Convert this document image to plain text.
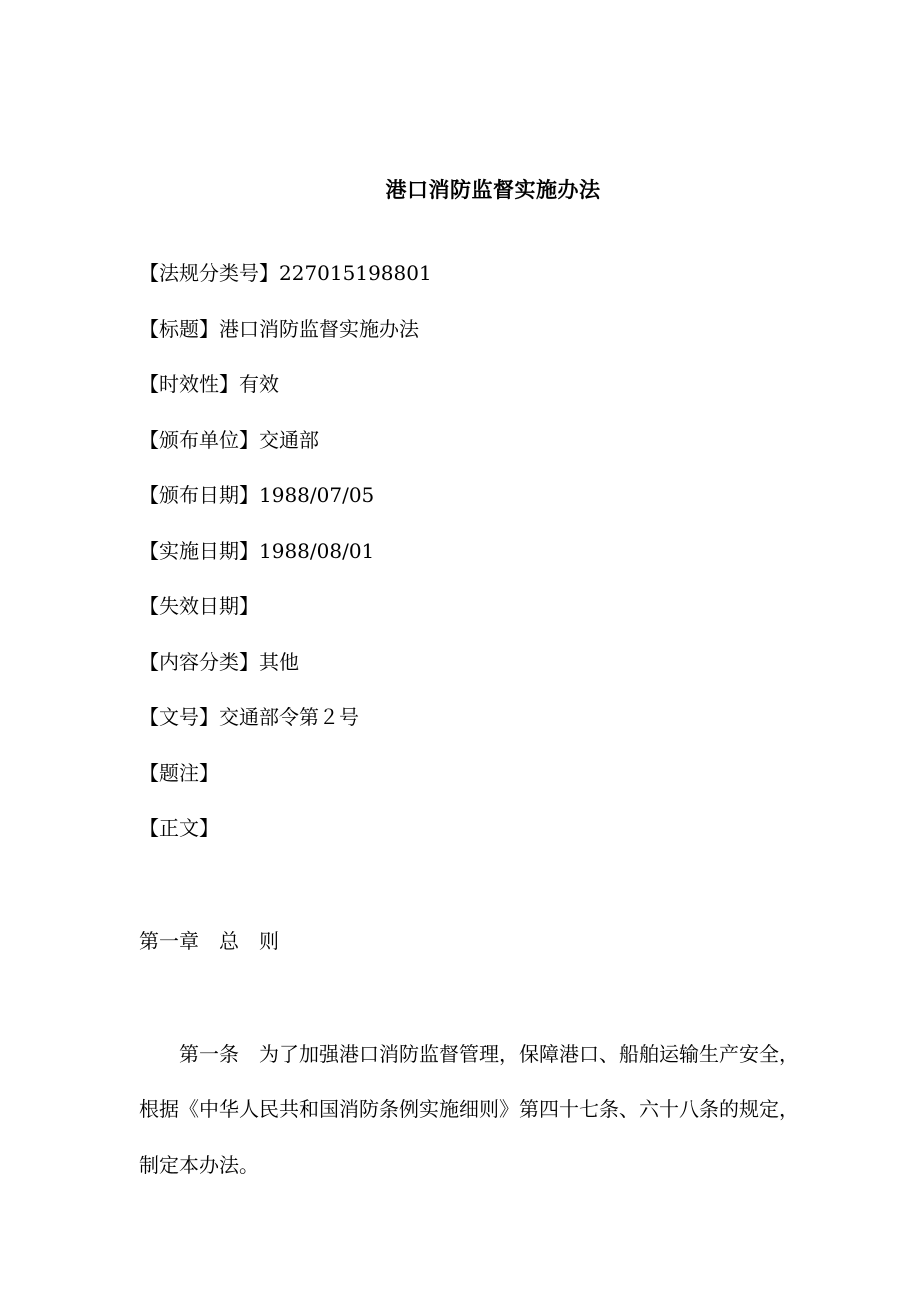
港口消防监督实施办法
【法规分类号】227015198801
【标题】港口消防监督实施办法
【时效性】有效
【颁布单位】交通部
【颁布日期】1988/07/05
【实施日期】1988/08/01
【失效日期】
【内容分类】其他
【文号】交通部令第２号
【题注】
【正文】
第一章　总　则
　　第一条　为了加强港口消防监督管理，保障港口、船舶运输生产安全，
根据《中华人民共和国消防条例实施细则》第四十七条、六十八条的规定，
制定本办法。
